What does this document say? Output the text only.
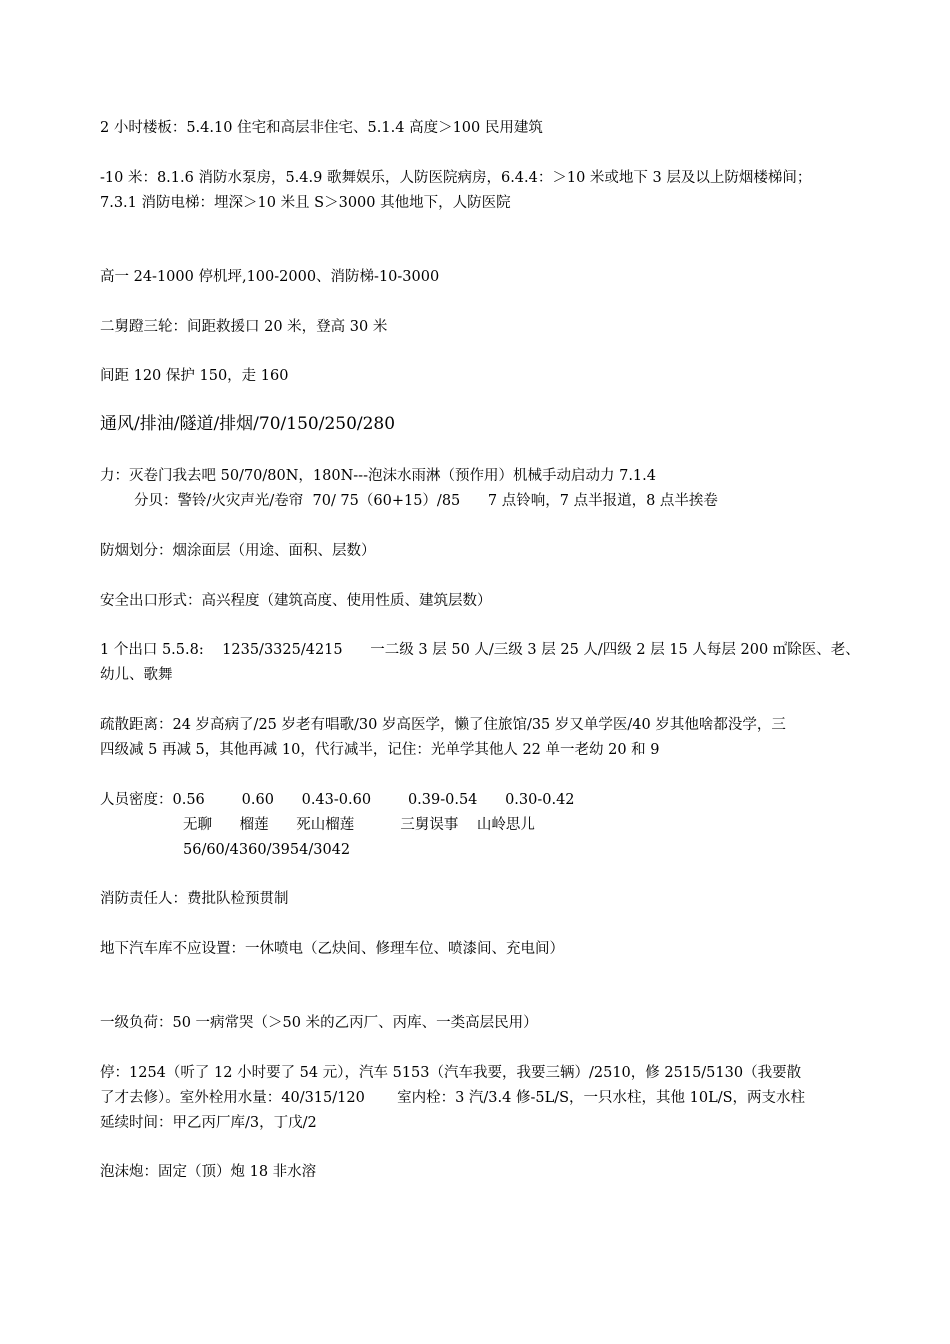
2 小时楼板：5.4.10 住宅和高层非住宅、5.1.4 高度＞100 民用建筑
-10 米：8.1.6 消防水泵房，5.4.9 歌舞娱乐，人防医院病房，6.4.4：＞10 米或地下 3 层及以上防烟楼梯间；
7.3.1 消防电梯：埋深＞10 米且 S＞3000 其他地下，人防医院
高一 24-1000 停机坪,100-2000、消防梯-10-3000
二舅蹬三轮：间距救援口 20 米，登高 30 米
间距 120 保护 150，走 160
通风/排油/隧道/排烟/70/150/250/280
力：灭卷门我去吧 50/70/80N，180N---泡沫水雨淋（预作用）机械手动启动力 7.1.4
分贝：警铃/火灾声光/卷帘  70/ 75（60+15）/85      7 点铃响，7 点半报道，8 点半挨卷
防烟划分：烟涂面层（用途、面积、层数）
安全出口形式：高兴程度（建筑高度、使用性质、建筑层数）
1 个出口 5.5.8:    1235/3325/4215      一二级 3 层 50 人/三级 3 层 25 人/四级 2 层 15 人每层 200 ㎡除医、老、
幼儿、歌舞
疏散距离：24 岁高病了/25 岁老有唱歌/30 岁高医学，懒了住旅馆/35 岁又单学医/40 岁其他啥都没学，三
四级减 5 再减 5，其他再减 10，代行减半，记住：光单学其他人 22 单一老幼 20 和 9
人员密度：0.56        0.60      0.43-0.60        0.39-0.54      0.30-0.42
无聊      榴莲      死山榴莲          三舅误事    山岭思儿
56/60/4360/3954/3042
消防责任人：费批队检预贯制
地下汽车库不应设置：一休喷电（乙炔间、修理车位、喷漆间、充电间）
一级负荷：50 一病常哭（＞50 米的乙丙厂、丙库、一类高层民用）
停：1254（听了 12 小时要了 54 元），汽车 5153（汽车我要，我要三辆）/2510，修 2515/5130（我要散
了才去修）。室外栓用水量：40/315/120       室内栓：3 汽/3.4 修-5L/S，一只水柱，其他 10L/S，两支水柱
延续时间：甲乙丙厂库/3，丁戊/2
泡沫炮：固定（顶）炮 18 非水溶
